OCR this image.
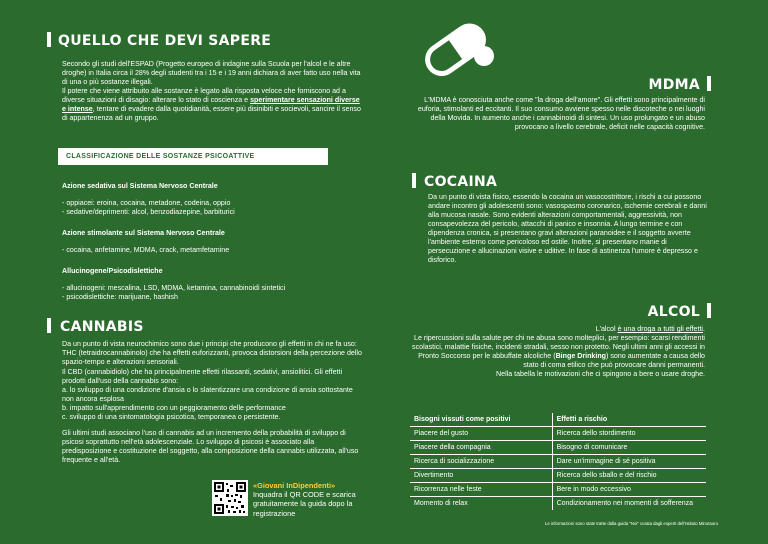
QUELLO CHE DEVI SAPERE

Secondo gli studi dell'ESPAD (Progetto europeo di indagine sulla Scuola per l'alcol e le altre droghe) in Italia circa il 28% degli studenti tra i 15 e i 19 anni dichiara di aver fatto uso nella vita di una o più sostanze illegali.

Il potere che viene attribuito alle sostanze è legato alla risposta veloce che forniscono ad a diverse situazioni di disagio: alterare lo stato di coscienza e sperimentare sensazioni diverse e intense, tentare di evadere dalla quotidianità, essere più disinibiti e socievoli, sancire il senso di appartenenza ad un gruppo.

CLASSIFICAZIONE DELLE SOSTANZE PSICOATTIVE

Azione sedativa sul Sistema Nervoso Centrale

- oppiacei: eroina, cocaina, metadone, codeina, oppio
- sedative/deprimenti: alcol, benzodiazepine, barbiturici

Azione stimolante sul Sistema Nervoso Centrale

- cocaina, anfetamine, MDMA, crack, metamfetamine

Allucinogene/Psicodislettiche

- allucinogeni: mescalina, LSD, MDMA, ketamina, cannabinoidi sintetici
- psicodislettiche: marijuane, hashish
CANNABIS

Da un punto di vista neurochimico sono due i principi che producono gli effetti in chi ne fa uso: THC (tetraidrocannabinolo) che ha effetti euforizzanti, provoca distorsioni della percezione dello spazio-tempo e alterazioni sensoriali.

Il CBD (cannabidiolo) che ha principalmente effetti rilassanti, sedativi, ansiolitici. Gli effetti prodotti dall'uso della cannabis sono:

a. lo sviluppo di una condizione d'ansia o lo slatentizzare una condizione di ansia sottostante non ancora esplosa
b. impatto sull'apprendimento con un peggioramento delle performance
c. sviluppo di una sintomatologia psicotica, temporanea o persistente.

Gli ultimi studi associano l'uso di cannabis ad un incremento della probabilità di sviluppo di psicosi soprattutto nell'età adolescenziale. Lo sviluppo di psicosi è associato alla predisposizione e costituzione del soggetto, alla composizione della cannabis utilizzata, all'uso frequente e all'età.

«Giovani InDipendenti»

Inquadra il QR CODE e scarica gratuitamente la guida dopo la registrazione

MDMA

L'MDMA è conosciuta anche come "la droga dell'amore". Gli effetti sono principalmente di euforia, stimolanti ed eccitanti. Il suo consumo avviene spesso nelle discoteche o nei luoghi della Movida. In aumento anche i cannabinoidi di sintesi. Un uso prolungato e un abuso provocano a livello cerebrale, deficit nelle capacità cognitive.

COCAINA

Da un punto di vista fisico, essendo la cocaina un vasocostrittore, i rischi a cui possono andare incontro gli adolescenti sono: vasospasmo coronarico, ischemie cerebrali e danni alla mucosa nasale. Sono evidenti alterazioni comportamentali, aggressività, non consapevolezza del pericolo, attacchi di panico e insonnia. A lungo termine e con dipendenza cronica, si presentano gravi alterazioni paranoidee e il soggetto avverte l'ambiente esterno come pericoloso ed ostile. Inoltre, si presentano manie di persecuzione e allucinazioni visive e uditive. In fase di astinenza l'umore è depresso e disforico.

ALCOL

L'alcol è una droga a tutti gli effetti.

Le ripercussioni sulla salute per chi ne abusa sono molteplici, per esempio: scarsi rendimenti scolastici, malattie fisiche, incidenti stradali, sesso non protetto. Negli ultimi anni gli accessi in Pronto Soccorso per le abbuffate alcoliche (Binge Drinking) sono aumentate a causa dello stato di coma etilico che può provocare danni permanenti.

Nella tabella le motivazioni che ci spingono a bere o usare droghe.

Bisogni vissuti come positivi	Effetti a rischio
Piacere del gusto	Ricerca dello stordimento
Piacere della compagnia	Bisogno di comunicare
Ricerca di socializzazione	Dare un'immagine di sé positiva
Divertimento	Ricerca dello sballo e del rischio
Ricorrenza nelle feste	Bere in modo eccessivo
Momento di relax	Condizionamento nei momenti di sofferenza

Le informazioni sono state tratte dalla guida "Noi" curata dagli esperti dell'Istituto Minotauro
